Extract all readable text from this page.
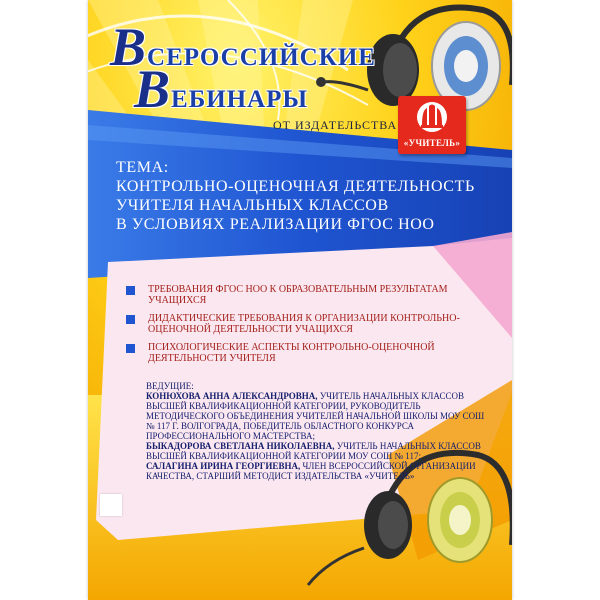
ВСЕРОССИЙСКИЕ
ВЕБИНАРЫ
ОТ ИЗДАТЕЛЬСТВА
«УЧИТЕЛЬ»
ТЕМА:
КОНТРОЛЬНО-ОЦЕНОЧНАЯ ДЕЯТЕЛЬНОСТЬ
УЧИТЕЛЯ НАЧАЛЬНЫХ КЛАССОВ
В УСЛОВИЯХ РЕАЛИЗАЦИИ ФГОС НОО
ТРЕБОВАНИЯ ФГОС НОО К ОБРАЗОВАТЕЛЬНЫМ РЕЗУЛЬТАТАМ УЧАЩИХСЯ
ДИДАКТИЧЕСКИЕ ТРЕБОВАНИЯ К ОРГАНИЗАЦИИ КОНТРОЛЬНО-ОЦЕНОЧНОЙ ДЕЯТЕЛЬНОСТИ УЧАЩИХСЯ
ПСИХОЛОГИЧЕСКИЕ АСПЕКТЫ КОНТРОЛЬНО-ОЦЕНОЧНОЙ ДЕЯТЕЛЬНОСТИ УЧИТЕЛЯ
ВЕДУЩИЕ:
КОНЮХОВА АННА АЛЕКСАНДРОВНА, УЧИТЕЛЬ НАЧАЛЬНЫХ КЛАССОВ ВЫСШЕЙ КВАЛИФИКАЦИОННОЙ КАТЕГОРИИ, РУКОВОДИТЕЛЬ МЕТОДИЧЕСКОГО ОБЪЕДИНЕНИЯ УЧИТЕЛЕЙ НАЧАЛЬНОЙ ШКОЛЫ МОУ СОШ № 117 Г. ВОЛГОГРАДА, ПОБЕДИТЕЛЬ ОБЛАСТНОГО КОНКУРСА ПРОФЕССИОНАЛЬНОГО МАСТЕРСТВА;
БЫКАДОРОВА СВЕТЛАНА НИКОЛАЕВНА, УЧИТЕЛЬ НАЧАЛЬНЫХ КЛАССОВ ВЫСШЕЙ КВАЛИФИКАЦИОННОЙ КАТЕГОРИИ МОУ СОШ № 117;
САЛАГИНА ИРИНА ГЕОРГИЕВНА, ЧЛЕН ВСЕРОССИЙСКОЙ ОРГАНИЗАЦИИ КАЧЕСТВА, СТАРШИЙ МЕТОДИСТ ИЗДАТЕЛЬСТВА «УЧИТЕЛЬ»
